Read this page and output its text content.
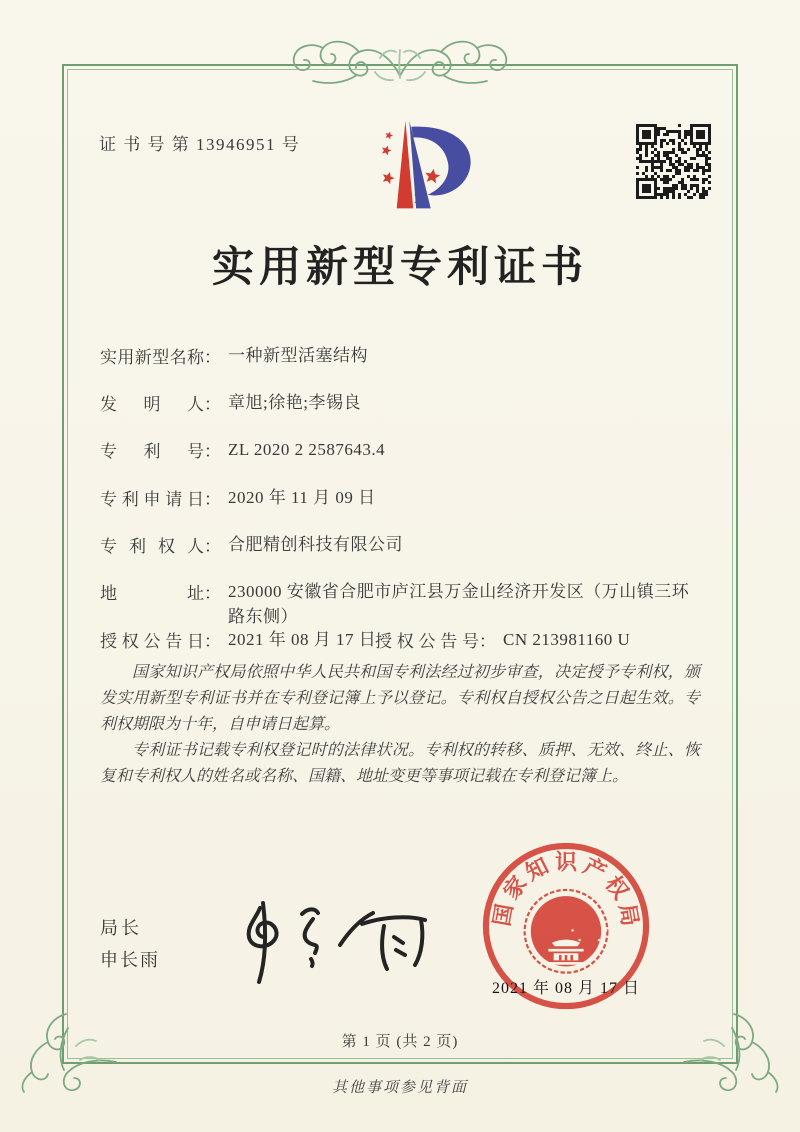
证 书 号 第 13946951 号
实用新型专利证书
实用新型名称： 一种新型活塞结构
发明人： 章旭;徐艳;李锡良
专利号： ZL 2020 2 2587643.4
专利申请日： 2020 年 11 月 09 日
专利权人： 合肥精创科技有限公司
地址： 230000 安徽省合肥市庐江县万金山经济开发区（万山镇三环路东侧）
授权公告日： 2021 年 08 月 17 日
授权公告号： CN 213981160 U

国家知识产权局依照中华人民共和国专利法经过初步审查，决定授予专利权，颁发实用新型专利证书并在专利登记簿上予以登记。专利权自授权公告之日起生效。专利权期限为十年，自申请日起算。

专利证书记载专利权登记时的法律状况。专利权的转移、质押、无效、终止、恢复和专利权人的姓名或名称、国籍、地址变更等事项记载在专利登记簿上。

局长
申长雨
国
家
知 识 产
权
局
2021 年 08 月 17 日
第 1 页 (共 2 页)
其他事项参见背面
